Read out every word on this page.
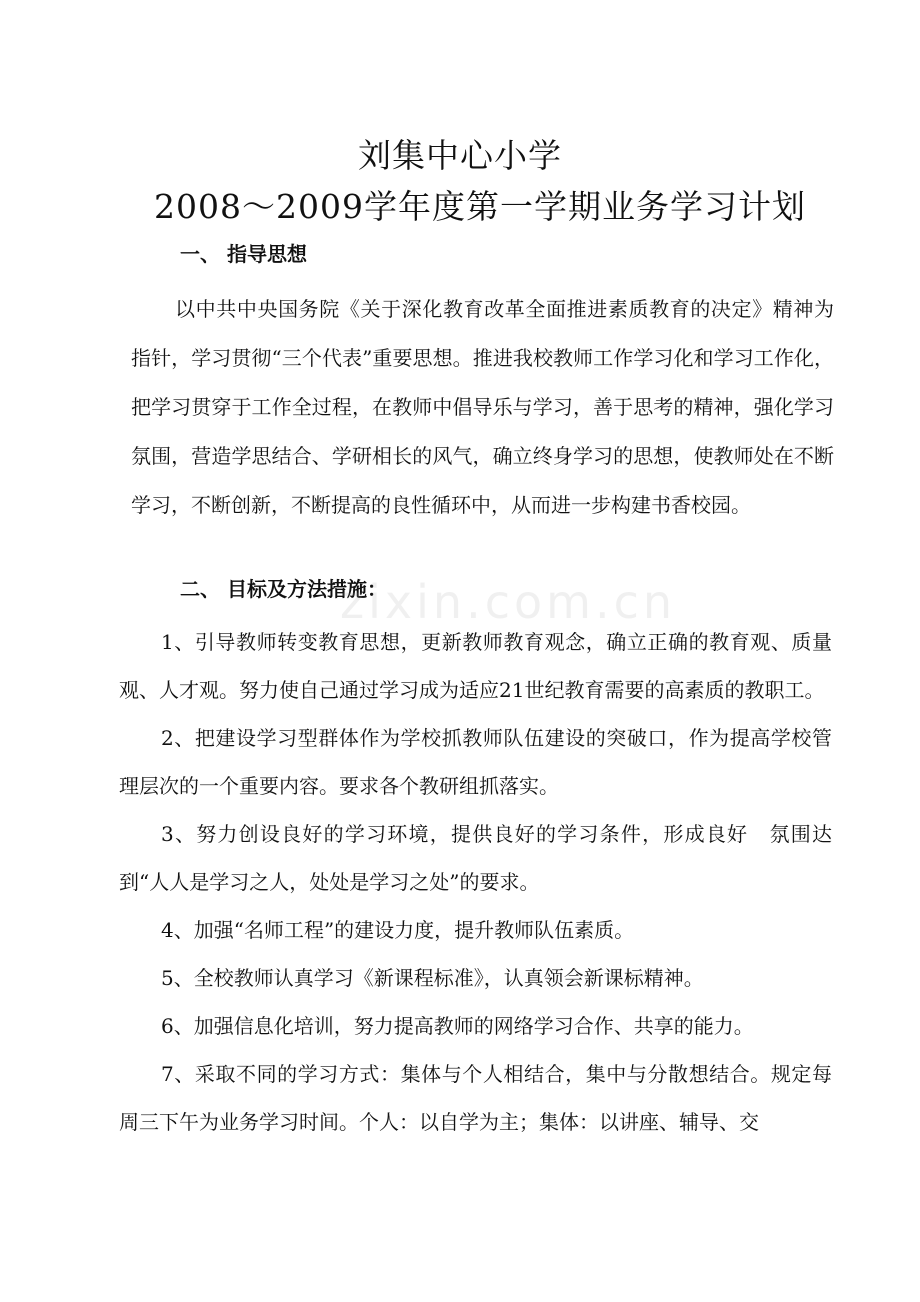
刘集中心小学
2008～2009学年度第一学期业务学习计划
一、 指导思想
以中共中央国务院《关于深化教育改革全面推进素质教育的决定》精神为指针，学习贯彻“三个代表”重要思想。推进我校教师工作学习化和学习工作化，把学习贯穿于工作全过程，在教师中倡导乐与学习，善于思考的精神，强化学习氛围，营造学思结合、学研相长的风气，确立终身学习的思想，使教师处在不断学习，不断创新，不断提高的良性循环中，从而进一步构建书香校园。
二、 目标及方法措施：
zixin.com.cn

1、引导教师转变教育思想，更新教师教育观念，确立正确的教育观、质量观、人才观。努力使自己通过学习成为适应21世纪教育需要的高素质的教职工。

2、把建设学习型群体作为学校抓教师队伍建设的突破口，作为提高学校管理层次的一个重要内容。要求各个教研组抓落实。

3、努力创设良好的学习环境，提供良好的学习条件，形成良好　氛围达到“人人是学习之人，处处是学习之处”的要求。

4、加强“名师工程”的建设力度，提升教师队伍素质。

5、全校教师认真学习《新课程标准》，认真领会新课标精神。

6、加强信息化培训，努力提高教师的网络学习合作、共享的能力。

7、采取不同的学习方式：集体与个人相结合，集中与分散想结合。规定每周三下午为业务学习时间。个人：以自学为主；集体：以讲座、辅导、交
